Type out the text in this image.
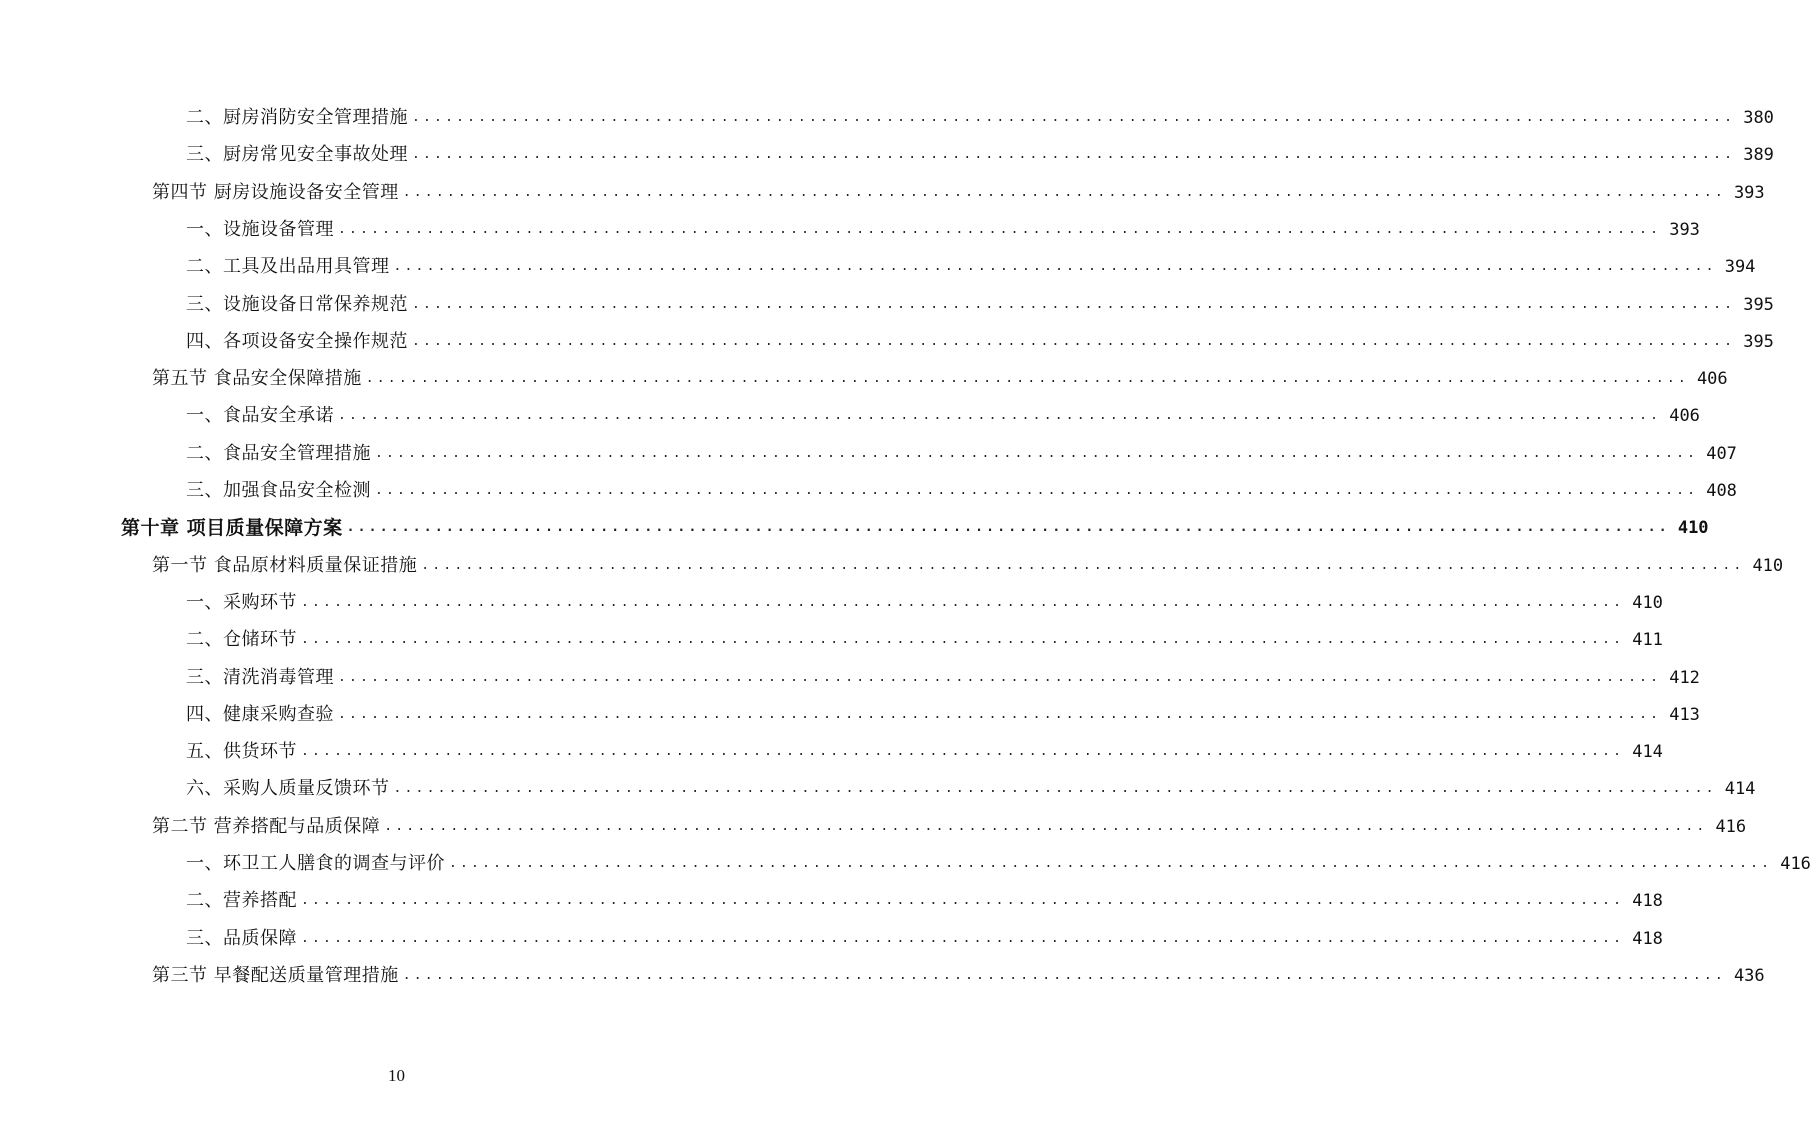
二、厨房消防安全管理措施 ........................................................................................................................ 380
三、厨房常见安全事故处理 ........................................................................................................................ 389
第四节 厨房设施设备安全管理 ........................................................................................................................ 393
一、设施设备管理 ........................................................................................................................ 393
二、工具及出品用具管理 ........................................................................................................................ 394
三、设施设备日常保养规范 ........................................................................................................................ 395
四、各项设备安全操作规范 ........................................................................................................................ 395
第五节 食品安全保障措施 ........................................................................................................................ 406
一、食品安全承诺 ........................................................................................................................ 406
二、食品安全管理措施 ........................................................................................................................ 407
三、加强食品安全检测 ........................................................................................................................ 408
第十章 项目质量保障方案 ........................................................................................................................ 410
第一节 食品原材料质量保证措施 ........................................................................................................................ 410
一、采购环节 ........................................................................................................................ 410
二、仓储环节 ........................................................................................................................ 411
三、清洗消毒管理 ........................................................................................................................ 412
四、健康采购查验 ........................................................................................................................ 413
五、供货环节 ........................................................................................................................ 414
六、采购人质量反馈环节 ........................................................................................................................ 414
第二节 营养搭配与品质保障 ........................................................................................................................ 416
一、环卫工人膳食的调查与评价 ........................................................................................................................ 416
二、营养搭配 ........................................................................................................................ 418
三、品质保障 ........................................................................................................................ 418
第三节 早餐配送质量管理措施 ........................................................................................................................ 436
10
